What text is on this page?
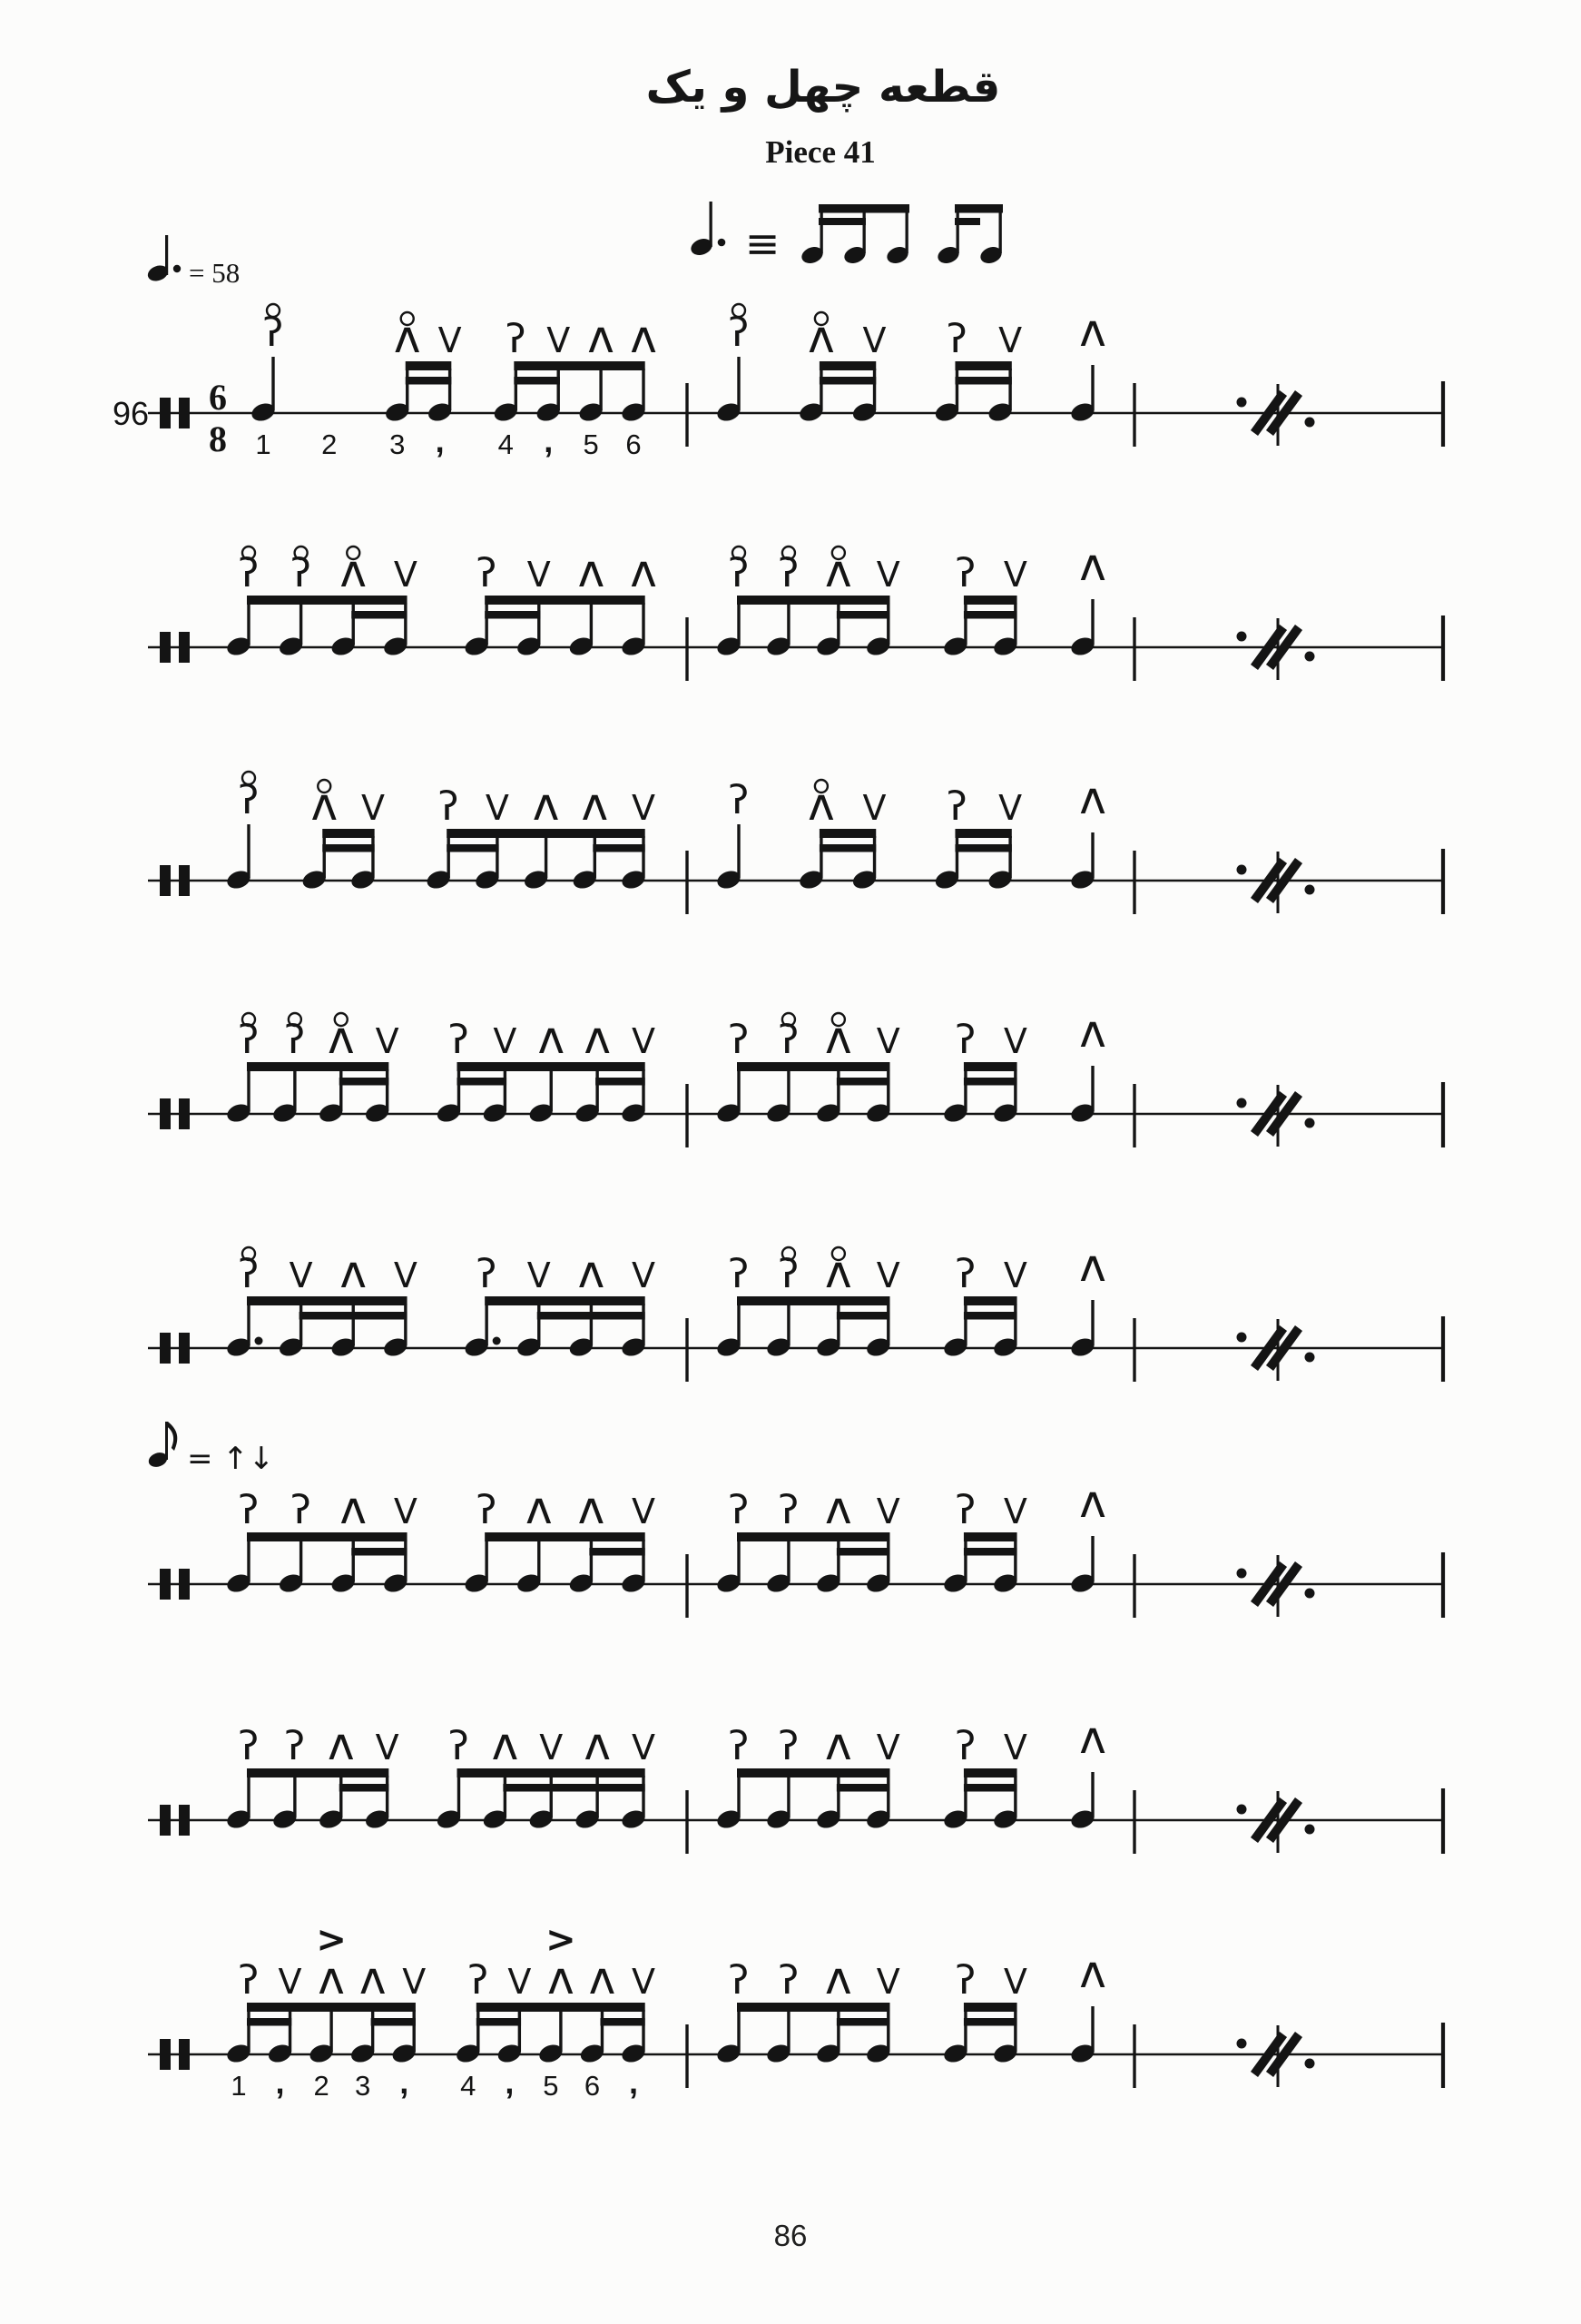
قطعه چهل و یک
Piece 41
= 58
≡
= ↑↓
96 6
8
ʔ
1 2
ʌ
3
V
,
ʔ
4
V
,
ʌ
5
ʌ
6
ʔ ʌ V ʔ V ʌ
ʔ ʔ ʌ V ʔ V ʌ ʌ ʔ ʔ ʌ V ʔ V ʌ
ʔ ʌ V ʔ V ʌ ʌ V ʔ ʌ V ʔ V ʌ
ʔ ʔ ʌ V ʔ V ʌ ʌ V ʔ ʔ ʌ V ʔ V ʌ
ʔ V ʌ V ʔ V ʌ V ʔ ʔ ʌ V ʔ V ʌ
ʔ ʔ ʌ V ʔ ʌ ʌ V ʔ ʔ ʌ V ʔ V ʌ
ʔ ʔ ʌ V ʔ ʌ V ʌ V ʔ ʔ ʌ V ʔ V ʌ
ʔ
1
V
,
ʌ
>
2
ʌ
3
V
,
ʔ
4
V
,
ʌ
>
5
ʌ
6
V
,
ʔ ʔ ʌ V ʔ V ʌ
86
